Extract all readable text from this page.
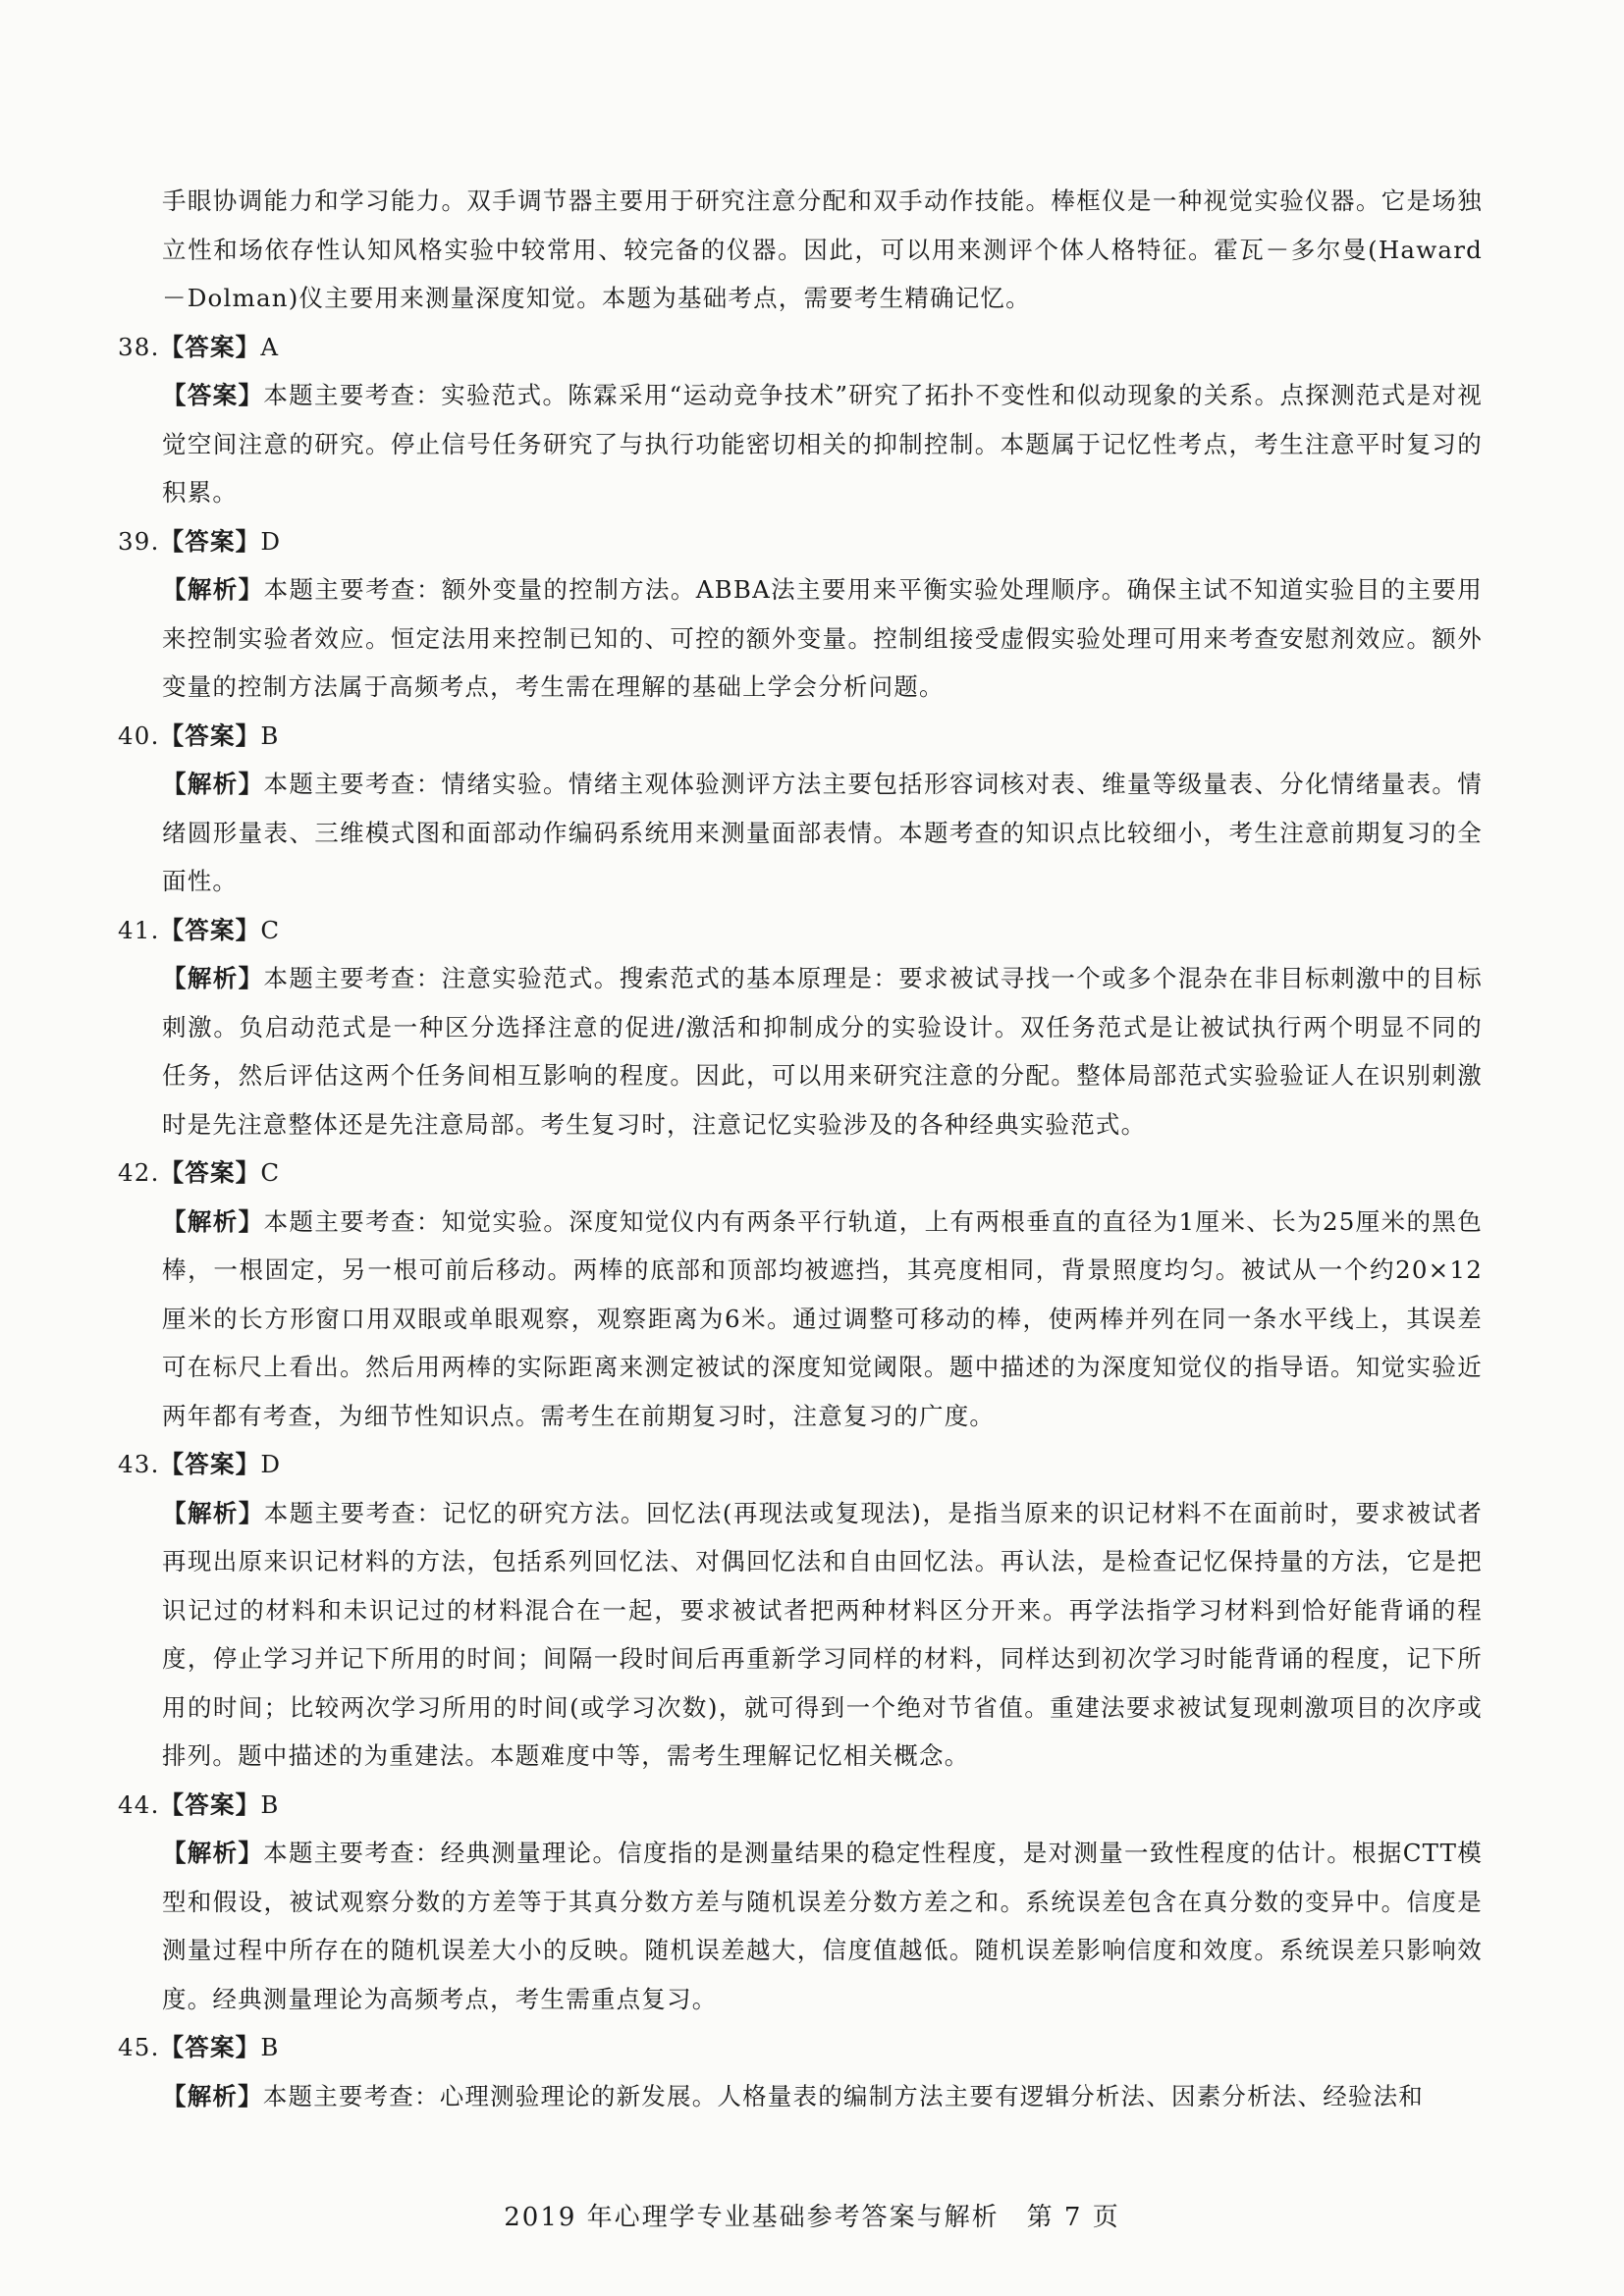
手眼协调能力和学习能力。双手调节器主要用于研究注意分配和双手动作技能。棒框仪是一种视觉实验仪器。它是场独立性和场依存性认知风格实验中较常用、较完备的仪器。因此，可以用来测评个体人格特征。霍瓦－多尔曼(Haward－Dolman)仪主要用来测量深度知觉。本题为基础考点，需要考生精确记忆。

38.【答案】A

【答案】本题主要考查：实验范式。陈霖采用“运动竞争技术”研究了拓扑不变性和似动现象的关系。点探测范式是对视觉空间注意的研究。停止信号任务研究了与执行功能密切相关的抑制控制。本题属于记忆性考点，考生注意平时复习的积累。

39.【答案】D

【解析】本题主要考查：额外变量的控制方法。ABBA法主要用来平衡实验处理顺序。确保主试不知道实验目的主要用来控制实验者效应。恒定法用来控制已知的、可控的额外变量。控制组接受虚假实验处理可用来考查安慰剂效应。额外变量的控制方法属于高频考点，考生需在理解的基础上学会分析问题。

40.【答案】B

【解析】本题主要考查：情绪实验。情绪主观体验测评方法主要包括形容词核对表、维量等级量表、分化情绪量表。情绪圆形量表、三维模式图和面部动作编码系统用来测量面部表情。本题考查的知识点比较细小，考生注意前期复习的全面性。

41.【答案】C

【解析】本题主要考查：注意实验范式。搜索范式的基本原理是：要求被试寻找一个或多个混杂在非目标刺激中的目标刺激。负启动范式是一种区分选择注意的促进/激活和抑制成分的实验设计。双任务范式是让被试执行两个明显不同的任务，然后评估这两个任务间相互影响的程度。因此，可以用来研究注意的分配。整体局部范式实验验证人在识别刺激时是先注意整体还是先注意局部。考生复习时，注意记忆实验涉及的各种经典实验范式。

42.【答案】C

【解析】本题主要考查：知觉实验。深度知觉仪内有两条平行轨道，上有两根垂直的直径为1厘米、长为25厘米的黑色棒，一根固定，另一根可前后移动。两棒的底部和顶部均被遮挡，其亮度相同，背景照度均匀。被试从一个约20×12厘米的长方形窗口用双眼或单眼观察，观察距离为6米。通过调整可移动的棒，使两棒并列在同一条水平线上，其误差可在标尺上看出。然后用两棒的实际距离来测定被试的深度知觉阈限。题中描述的为深度知觉仪的指导语。知觉实验近两年都有考查，为细节性知识点。需考生在前期复习时，注意复习的广度。

43.【答案】D

【解析】本题主要考查：记忆的研究方法。回忆法(再现法或复现法)，是指当原来的识记材料不在面前时，要求被试者再现出原来识记材料的方法，包括系列回忆法、对偶回忆法和自由回忆法。再认法，是检查记忆保持量的方法，它是把识记过的材料和未识记过的材料混合在一起，要求被试者把两种材料区分开来。再学法指学习材料到恰好能背诵的程度，停止学习并记下所用的时间；间隔一段时间后再重新学习同样的材料，同样达到初次学习时能背诵的程度，记下所用的时间；比较两次学习所用的时间(或学习次数)，就可得到一个绝对节省值。重建法要求被试复现刺激项目的次序或排列。题中描述的为重建法。本题难度中等，需考生理解记忆相关概念。

44.【答案】B

【解析】本题主要考查：经典测量理论。信度指的是测量结果的稳定性程度，是对测量一致性程度的估计。根据CTT模型和假设，被试观察分数的方差等于其真分数方差与随机误差分数方差之和。系统误差包含在真分数的变异中。信度是测量过程中所存在的随机误差大小的反映。随机误差越大，信度值越低。随机误差影响信度和效度。系统误差只影响效度。经典测量理论为高频考点，考生需重点复习。

45.【答案】B

【解析】本题主要考查：心理测验理论的新发展。人格量表的编制方法主要有逻辑分析法、因素分析法、经验法和

2019 年心理学专业基础参考答案与解析　第 7 页
